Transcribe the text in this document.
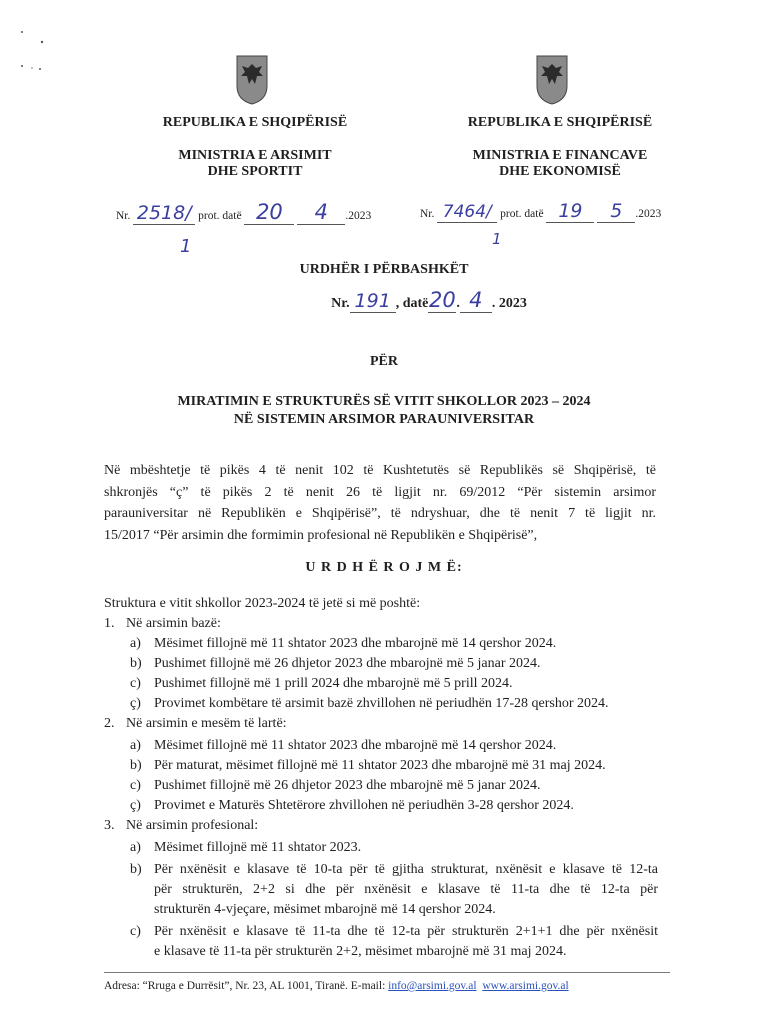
REPUBLIKA E SHQIPËRISË
MINISTRIA E ARSIMIT
DHE SPORTIT
Nr. 2518/ prot. datë 20 4 .2023
1
REPUBLIKA E SHQIPËRISË
MINISTRIA E FINANCAVE
DHE EKONOMISË
Nr. 7464/ prot. datë 19 5 .2023
1
URDHËR I PËRBASHKËT
Nr. 191 , datë20. 4 . 2023
PËR
MIRATIMIN E STRUKTURËS SË VITIT SHKOLLOR 2023 – 2024
NË SISTEMIN ARSIMOR PARAUNIVERSITAR
Në mbështetje të pikës 4 të nenit 102 të Kushtetutës së Republikës së Shqipërisë, të
shkronjës “ç” të pikës 2 të nenit 26 të ligjit nr. 69/2012 “Për sistemin arsimor
parauniversitar në Republikën e Shqipërisë”, të ndryshuar, dhe të nenit 7 të ligjit nr.
15/2017 “Për arsimin dhe formimin profesional në Republikën e Shqipërisë”,
U R D H Ë R O J M Ë:
Struktura e vitit shkollor 2023-2024 të jetë si më poshtë:
1. Në arsimin bazë:
a) Mësimet fillojnë më 11 shtator 2023 dhe mbarojnë më 14 qershor 2024.
b) Pushimet fillojnë më 26 dhjetor 2023 dhe mbarojnë më 5 janar 2024.
c) Pushimet fillojnë më 1 prill 2024 dhe mbarojnë më 5 prill 2024.
ç) Provimet kombëtare të arsimit bazë zhvillohen në periudhën 17-28 qershor 2024.
2. Në arsimin e mesëm të lartë:
a) Mësimet fillojnë më 11 shtator 2023 dhe mbarojnë më 14 qershor 2024.
b) Për maturat, mësimet fillojnë më 11 shtator 2023 dhe mbarojnë më 31 maj 2024.
c) Pushimet fillojnë më 26 dhjetor 2023 dhe mbarojnë më 5 janar 2024.
ç) Provimet e Maturës Shtetërore zhvillohen në periudhën 3-28 qershor 2024.
3. Në arsimin profesional:
a) Mësimet fillojnë më 11 shtator 2023.
b) Për nxënësit e klasave të 10-ta për të gjitha strukturat, nxënësit e klasave të 12-ta
për strukturën, 2+2 si dhe për nxënësit e klasave të 11-ta dhe të 12-ta për
strukturën 4-vjeçare, mësimet mbarojnë më 14 qershor 2024.
c) Për nxënësit e klasave të 11-ta dhe të 12-ta për strukturën 2+1+1 dhe për nxënësit
e klasave të 11-ta për strukturën 2+2, mësimet mbarojnë më 31 maj 2024.
Adresa: “Rruga e Durrësit”, Nr. 23, AL 1001, Tiranë. E-mail: info@arsimi.gov.al www.arsimi.gov.al
